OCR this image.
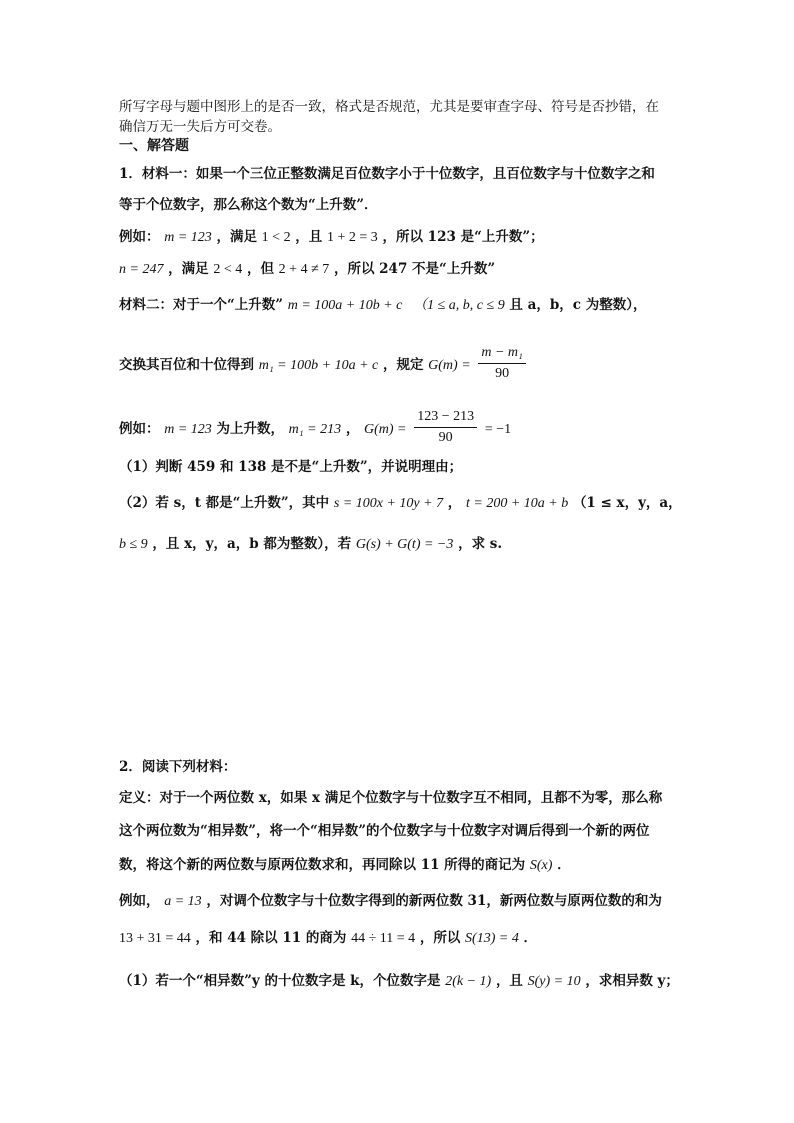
所写字母与题中图形上的是否一致，格式是否规范，尤其是要审查字母、符号是否抄错，在
确信万无一失后方可交卷。
一、解答题
1．材料一：如果一个三位正整数满足百位数字小于十位数字，且百位数字与十位数字之和
等于个位数字，那么称这个数为“上升数”．
例如： m = 123 ，满足 1 < 2 ，且 1 + 2 = 3 ，所以 123 是“上升数”；
n = 247 ，满足 2 < 4 ，但 2 + 4 ≠ 7 ，所以 247 不是“上升数”
材料二：对于一个“上升数” m = 100a + 10b + c （1 ≤ a, b, c ≤ 9 且 a，b，c 为整数），
交换其百位和十位得到 m₁ = 100b + 10a + c ，规定 $G(m) = \frac{\text{m − m₁}}{90}$
例如： m = 123 为上升数， m₁ = 213 ， $G(m) = \frac{123 - 213}{90} = -1$
（1）判断 459 和 138 是不是“上升数”，并说明理由；
（2）若 s，t 都是“上升数”，其中 s = 100x + 10y + 7 ， t = 200 + 10a + b （1 ≤ x，y，a，
b ≤ 9 ，且 x，y，a，b 都为整数），若 G(s) + G(t) = −3 ，求 s.
2．阅读下列材料：
定义：对于一个两位数 x，如果 x 满足个位数字与十位数字互不相同，且都不为零，那么称
这个两位数为“相异数”，将一个“相异数”的个位数字与十位数字对调后得到一个新的两位
数，将这个新的两位数与原两位数求和，再同除以 11 所得的商记为 S(x) ．
例如， a = 13 ，对调个位数字与十位数字得到的新两位数 31，新两位数与原两位数的和为
13 + 31 = 44 ，和 44 除以 11 的商为 44 ÷ 11 = 4 ，所以 S(13) = 4 ．
（1）若一个“相异数”y 的十位数字是 k，个位数字是 2(k − 1) ，且 S(y) = 10 ，求相异数 y；
